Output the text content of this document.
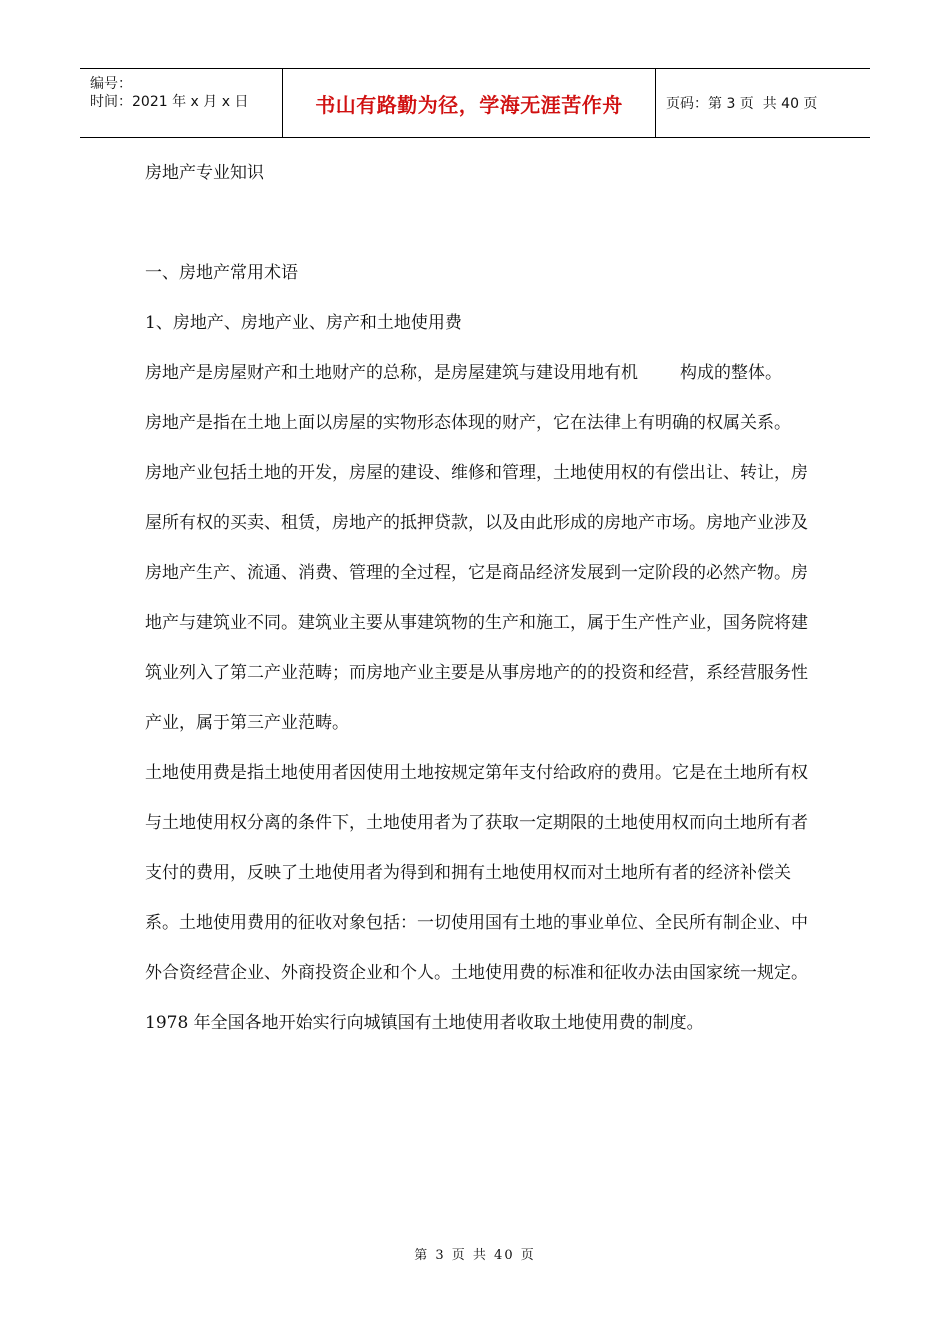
编号：
时间：2021 年 x 月 x 日	书山有路勤为径，学海无涯苦作舟	页码：第 3 页  共 40 页

房地产专业知识

一、房地产常用术语

1、房地产、房地产业、房产和土地使用费

房地产是房屋财产和土地财产的总称，是房屋建筑与建设用地有机 构成的整体。

房地产是指在土地上面以房屋的实物形态体现的财产，它在法律上有明确的权属关系。

房地产业包括土地的开发，房屋的建设、维修和管理，土地使用权的有偿出让、转让，房屋所有权的买卖、租赁，房地产的抵押贷款，以及由此形成的房地产市场。房地产业涉及房地产生产、流通、消费、管理的全过程，它是商品经济发展到一定阶段的必然产物。房地产与建筑业不同。建筑业主要从事建筑物的生产和施工，属于生产性产业，国务院将建筑业列入了第二产业范畴；而房地产业主要是从事房地产的的投资和经营，系经营服务性产业，属于第三产业范畴。

土地使用费是指土地使用者因使用土地按规定第年支付给政府的费用。它是在土地所有权与土地使用权分离的条件下，土地使用者为了获取一定期限的土地使用权而向土地所有者支付的费用，反映了土地使用者为得到和拥有土地使用权而对土地所有者的经济补偿关系。土地使用费用的征收对象包括：一切使用国有土地的事业单位、全民所有制企业、中外合资经营企业、外商投资企业和个人。土地使用费的标准和征收办法由国家统一规定。1978 年全国各地开始实行向城镇国有土地使用者收取土地使用费的制度。

第 3 页 共 40 页
